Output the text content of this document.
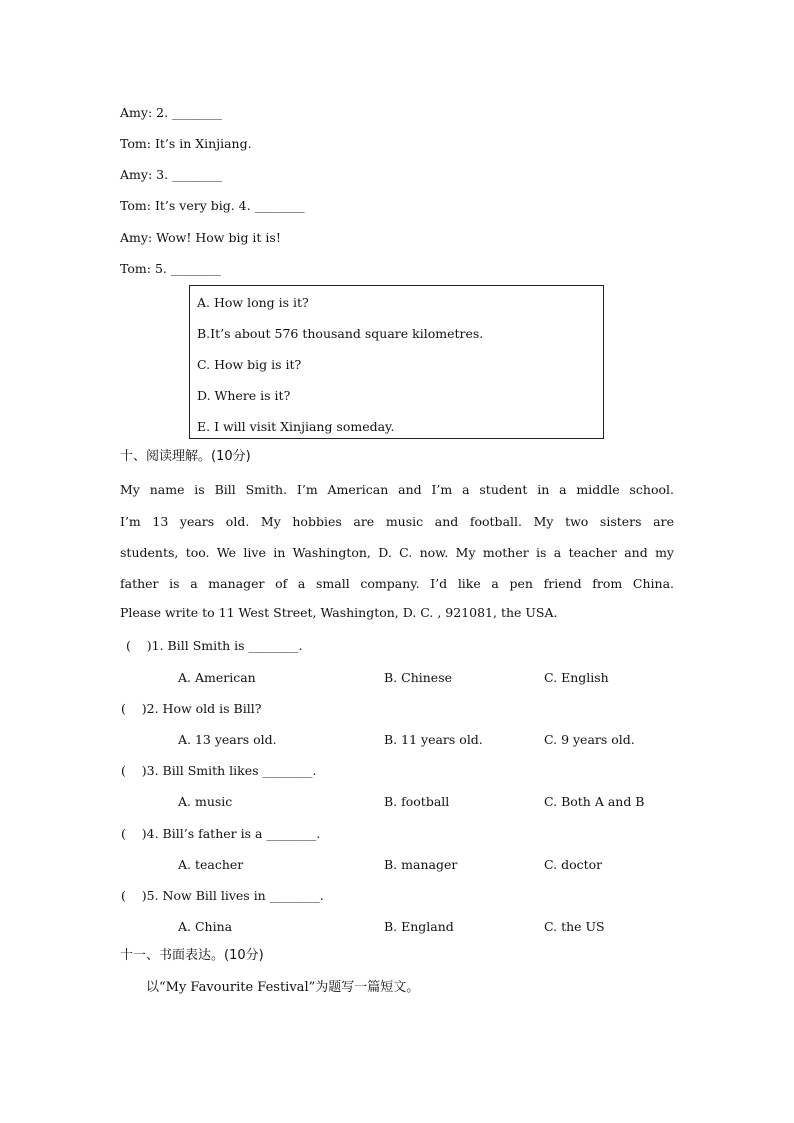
Amy: 2. ________
Tom: It’s in Xinjiang.
Amy: 3. ________
Tom: It’s very big. 4. ________
Amy: Wow! How big it is!
Tom: 5. ________
A. How long is it?
B.It’s about 576 thousand square kilometres.
C. How big is it?
D. Where is it?
E. I will visit Xinjiang someday.
十、阅读理解。(10分)
My name is Bill Smith. I’m American and I’m a student in a middle school.
I’m 13 years old. My hobbies are music and football. My two sisters are
students, too. We live in Washington, D. C. now. My mother is a teacher and my
father is a manager of a small company. I’d like a pen friend from China.
Please write to 11 West Street, Washington, D. C. , 921081, the USA.
(    )1. Bill Smith is ________.
A. American	B. Chinese	C. English
(    )2. How old is Bill?
A. 13 years old.	B. 11 years old.	C. 9 years old.
(    )3. Bill Smith likes ________.
A. music	B. football	C. Both A and B
(    )4. Bill’s father is a ________.
A. teacher	B. manager	C. doctor
(    )5. Now Bill lives in ________.
A. China	B. England	C. the US
十一、书面表达。(10分)
以“My Favourite Festival”为题写一篇短文。
